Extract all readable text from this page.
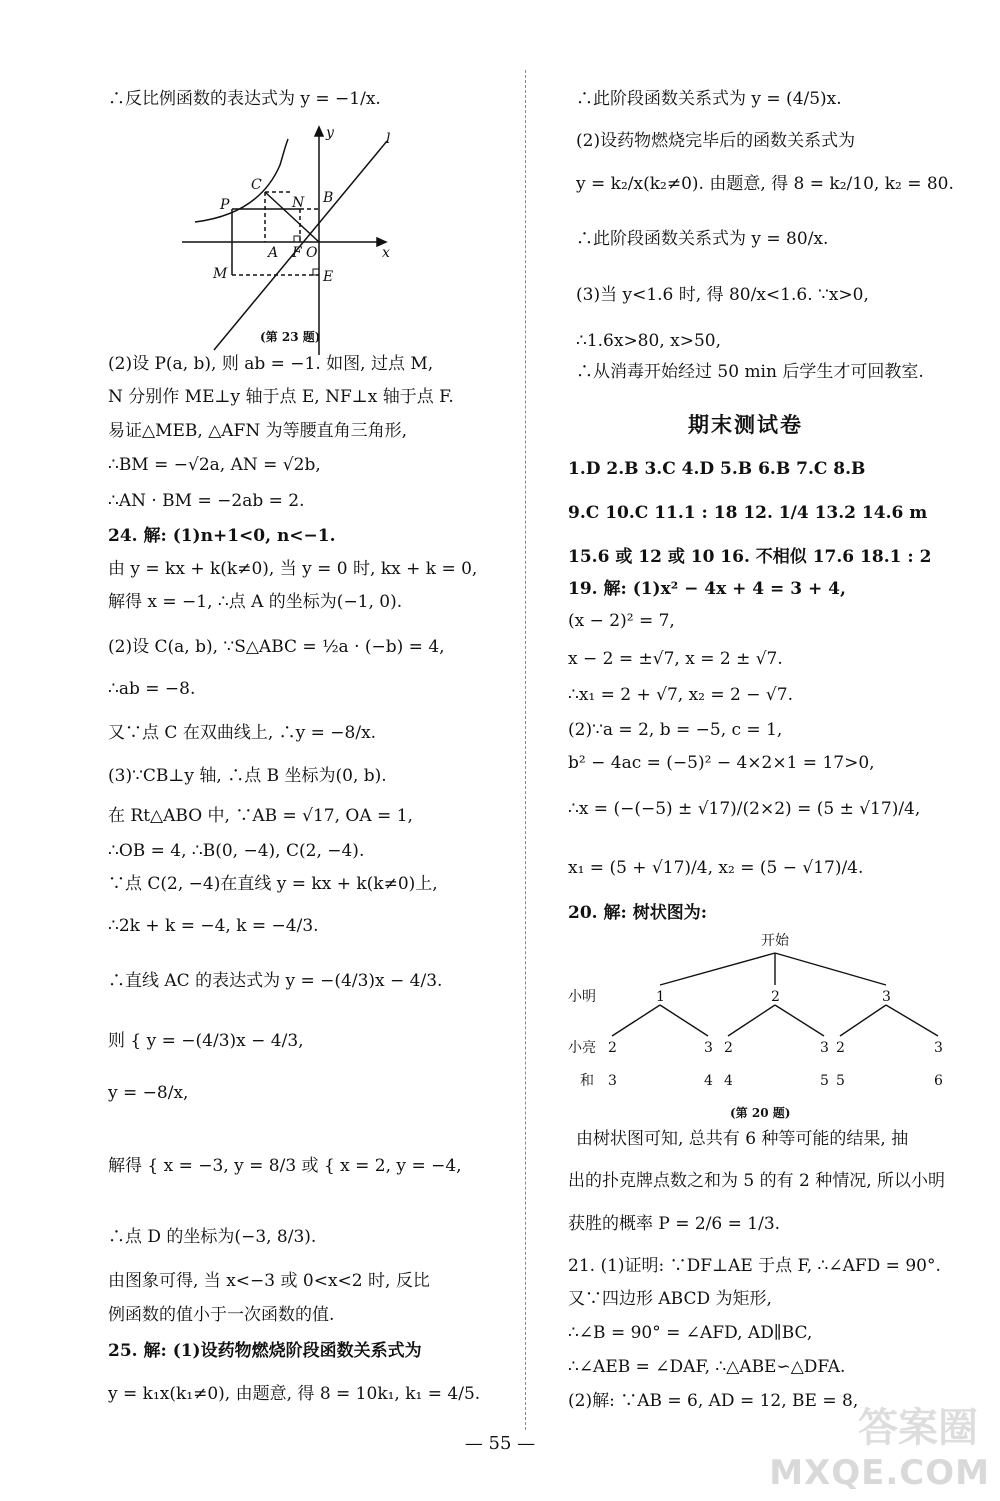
∴反比例函数的表达式为 y = −1/x.
y
x
l
C
P	N B
A F O
M	E
(第 23 题)
(2)设 P(a, b), 则 ab = −1. 如图, 过点 M,
N 分别作 ME⊥y 轴于点 E, NF⊥x 轴于点 F.
易证△MEB, △AFN 为等腰直角三角形,
∴BM = −√2a, AN = √2b,
∴AN · BM = −2ab = 2.
24. 解: (1)n+1<0, n<−1.
由 y = kx + k(k≠0), 当 y = 0 时, kx + k = 0,
解得 x = −1, ∴点 A 的坐标为(−1, 0).
(2)设 C(a, b), ∵S△ABC = ½a · (−b) = 4,
∴ab = −8.
又∵点 C 在双曲线上, ∴y = −8/x.
(3)∵CB⊥y 轴, ∴点 B 坐标为(0, b).
在 Rt△ABO 中, ∵AB = √17, OA = 1,
∴OB = 4, ∴B(0, −4), C(2, −4).
∵点 C(2, −4)在直线 y = kx + k(k≠0)上,
∴2k + k = −4, k = −4/3.
∴直线 AC 的表达式为 y = −(4/3)x − 4/3.
则 { y = −(4/3)x − 4/3,
y = −8/x,
解得 { x = −3, y = 8/3 或 { x = 2, y = −4,
∴点 D 的坐标为(−3, 8/3).
由图象可得, 当 x<−3 或 0<x<2 时, 反比
例函数的值小于一次函数的值.
25. 解: (1)设药物燃烧阶段函数关系式为
y = k₁x(k₁≠0), 由题意, 得 8 = 10k₁, k₁ = 4/5.
∴此阶段函数关系式为 y = (4/5)x.
(2)设药物燃烧完毕后的函数关系式为
y = k₂/x(k₂≠0). 由题意, 得 8 = k₂/10, k₂ = 80.
∴此阶段函数关系式为 y = 80/x.
(3)当 y<1.6 时, 得 80/x<1.6. ∵x>0,
∴1.6x>80, x>50,
∴从消毒开始经过 50 min 后学生才可回教室.
期末测试卷
1.D 2.B 3.C 4.D 5.B 6.B 7.C 8.B
9.C 10.C 11.1 : 18 12. 1/4 13.2 14.6 m
15.6 或 12 或 10 16. 不相似 17.6 18.1 : 2
19. 解: (1)x² − 4x + 4 = 3 + 4,
(x − 2)² = 7,
x − 2 = ±√7, x = 2 ± √7.
∴x₁ = 2 + √7, x₂ = 2 − √7.
(2)∵a = 2, b = −5, c = 1,
b² − 4ac = (−5)² − 4×2×1 = 17>0,
∴x = (−(−5) ± √17)/(2×2) = (5 ± √17)/4,
x₁ = (5 + √17)/4, x₂ = (5 − √17)/4.
20. 解: 树状图为:
开始
小明
小亮
和
1	2	3
2	3 2	3 2	3
3	4 4	5 5	6
(第 20 题)
由树状图可知, 总共有 6 种等可能的结果, 抽
出的扑克牌点数之和为 5 的有 2 种情况, 所以小明
获胜的概率 P = 2/6 = 1/3.
21. (1)证明: ∵DF⊥AE 于点 F, ∴∠AFD = 90°.
又∵四边形 ABCD 为矩形,
∴∠B = 90° = ∠AFD, AD∥BC,
∴∠AEB = ∠DAF, ∴△ABE∽△DFA.
(2)解: ∵AB = 6, AD = 12, BE = 8,
— 55 —	答案圈
MXQE.COM
